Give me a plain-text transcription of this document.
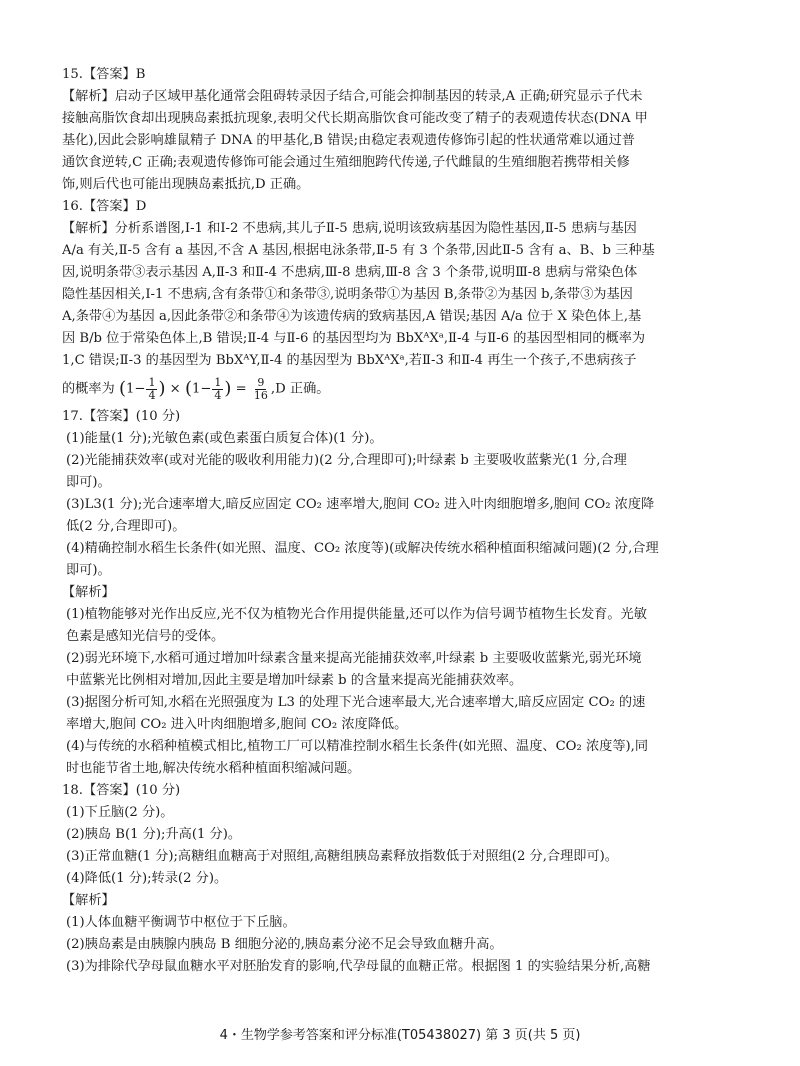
15.【答案】B
【解析】启动子区域甲基化通常会阻碍转录因子结合,可能会抑制基因的转录,A 正确;研究显示子代未
接触高脂饮食却出现胰岛素抵抗现象,表明父代长期高脂饮食可能改变了精子的表观遗传状态(DNA 甲
基化),因此会影响雄鼠精子 DNA 的甲基化,B 错误;由稳定表观遗传修饰引起的性状通常难以通过普
通饮食逆转,C 正确;表观遗传修饰可能会通过生殖细胞跨代传递,子代雌鼠的生殖细胞若携带相关修
饰,则后代也可能出现胰岛素抵抗,D 正确。
16.【答案】D
【解析】分析系谱图,Ⅰ-1 和Ⅰ-2 不患病,其儿子Ⅱ-5 患病,说明该致病基因为隐性基因,Ⅱ-5 患病与基因
A/a 有关,Ⅱ-5 含有 a 基因,不含 A 基因,根据电泳条带,Ⅱ-5 有 3 个条带,因此Ⅱ-5 含有 a、B、b 三种基
因,说明条带③表示基因 A,Ⅱ-3 和Ⅱ-4 不患病,Ⅲ-8 患病,Ⅲ-8 含 3 个条带,说明Ⅲ-8 患病与常染色体
隐性基因相关,Ⅰ-1 不患病,含有条带①和条带③,说明条带①为基因 B,条带②为基因 b,条带③为基因
A,条带④为基因 a,因此条带②和条带④为该遗传病的致病基因,A 错误;基因 A/a 位于 X 染色体上,基
因 B/b 位于常染色体上,B 错误;Ⅱ-4 与Ⅱ-6 的基因型均为 BbXᴬXᵃ,Ⅱ-4 与Ⅱ-6 的基因型相同的概率为
1,C 错误;Ⅱ-3 的基因型为 BbXᴬY,Ⅱ-4 的基因型为 BbXᴬXᵃ,若Ⅱ-3 和Ⅱ-4 再生一个孩子,不患病孩子
的概率为 ($1- \frac{1}{4}$ ) × ($1- \frac{1}{4}$ ) = $\frac{9}{16} ,D$ 正确。
17.【答案】(10 分)
(1)能量(1 分);光敏色素(或色素蛋白质复合体)(1 分)。
(2)光能捕获效率(或对光能的吸收利用能力)(2 分,合理即可);叶绿素 b 主要吸收蓝紫光(1 分,合理
即可)。
(3)L3(1 分);光合速率增大,暗反应固定 CO₂ 速率增大,胞间 CO₂ 进入叶肉细胞增多,胞间 CO₂ 浓度降
低(2 分,合理即可)。
(4)精确控制水稻生长条件(如光照、温度、CO₂ 浓度等)(或解决传统水稻种植面积缩减问题)(2 分,合理
即可)。
【解析】
(1)植物能够对光作出反应,光不仅为植物光合作用提供能量,还可以作为信号调节植物生长发育。光敏
色素是感知光信号的受体。
(2)弱光环境下,水稻可通过增加叶绿素含量来提高光能捕获效率,叶绿素 b 主要吸收蓝紫光,弱光环境
中蓝紫光比例相对增加,因此主要是增加叶绿素 b 的含量来提高光能捕获效率。
(3)据图分析可知,水稻在光照强度为 L3 的处理下光合速率最大,光合速率增大,暗反应固定 CO₂ 的速
率增大,胞间 CO₂ 进入叶肉细胞增多,胞间 CO₂ 浓度降低。
(4)与传统的水稻种植模式相比,植物工厂可以精准控制水稻生长条件(如光照、温度、CO₂ 浓度等),同
时也能节省土地,解决传统水稻种植面积缩减问题。
18.【答案】(10 分)
(1)下丘脑(2 分)。
(2)胰岛 B(1 分);升高(1 分)。
(3)正常血糖(1 分);高糖组血糖高于对照组,高糖组胰岛素释放指数低于对照组(2 分,合理即可)。
(4)降低(1 分);转录(2 分)。
【解析】
(1)人体血糖平衡调节中枢位于下丘脑。
(2)胰岛素是由胰腺内胰岛 B 细胞分泌的,胰岛素分泌不足会导致血糖升高。
(3)为排除代孕母鼠血糖水平对胚胎发育的影响,代孕母鼠的血糖正常。根据图 1 的实验结果分析,高糖
4・生物学参考答案和评分标准(T05438027) 第 3 页(共 5 页)
